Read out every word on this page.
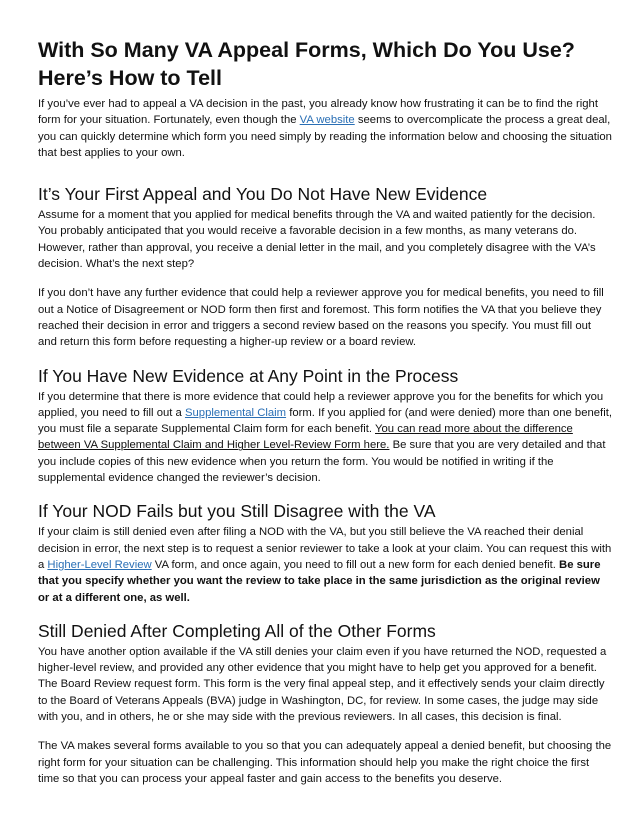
With So Many VA Appeal Forms, Which Do You Use?
Here’s How to Tell

If you’ve ever had to appeal a VA decision in the past, you already know how frustrating it can be to find the right form for your situation. Fortunately, even though the VA website seems to overcomplicate the process a great deal, you can quickly determine which form you need simply by reading the information below and choosing the situation that best applies to your own.

It’s Your First Appeal and You Do Not Have New Evidence

Assume for a moment that you applied for medical benefits through the VA and waited patiently for the decision. You probably anticipated that you would receive a favorable decision in a few months, as many veterans do. However, rather than approval, you receive a denial letter in the mail, and you completely disagree with the VA’s decision. What’s the next step?

If you don’t have any further evidence that could help a reviewer approve you for medical benefits, you need to fill out a Notice of Disagreement or NOD form then first and foremost. This form notifies the VA that you believe they reached their decision in error and triggers a second review based on the reasons you specify. You must fill out and return this form before requesting a higher-up review or a board review.

If You Have New Evidence at Any Point in the Process

If you determine that there is more evidence that could help a reviewer approve you for the benefits for which you applied, you need to fill out a Supplemental Claim form. If you applied for (and were denied) more than one benefit, you must file a separate Supplemental Claim form for each benefit. You can read more about the difference between VA Supplemental Claim and Higher Level-Review Form here. Be sure that you are very detailed and that you include copies of this new evidence when you return the form. You would be notified in writing if the supplemental evidence changed the reviewer’s decision.

If Your NOD Fails but you Still Disagree with the VA

If your claim is still denied even after filing a NOD with the VA, but you still believe the VA reached their denial decision in error, the next step is to request a senior reviewer to take a look at your claim. You can request this with a Higher-Level Review VA form, and once again, you need to fill out a new form for each denied benefit. Be sure that you specify whether you want the review to take place in the same jurisdiction as the original review or at a different one, as well.

Still Denied After Completing All of the Other Forms

You have another option available if the VA still denies your claim even if you have returned the NOD, requested a higher-level review, and provided any other evidence that you might have to help get you approved for a benefit. The Board Review request form. This form is the very final appeal step, and it effectively sends your claim directly to the Board of Veterans Appeals (BVA) judge in Washington, DC, for review. In some cases, the judge may side with you, and in others, he or she may side with the previous reviewers. In all cases, this decision is final.

The VA makes several forms available to you so that you can adequately appeal a denied benefit, but choosing the right form for your situation can be challenging. This information should help you make the right choice the first time so that you can process your appeal faster and gain access to the benefits you deserve.
